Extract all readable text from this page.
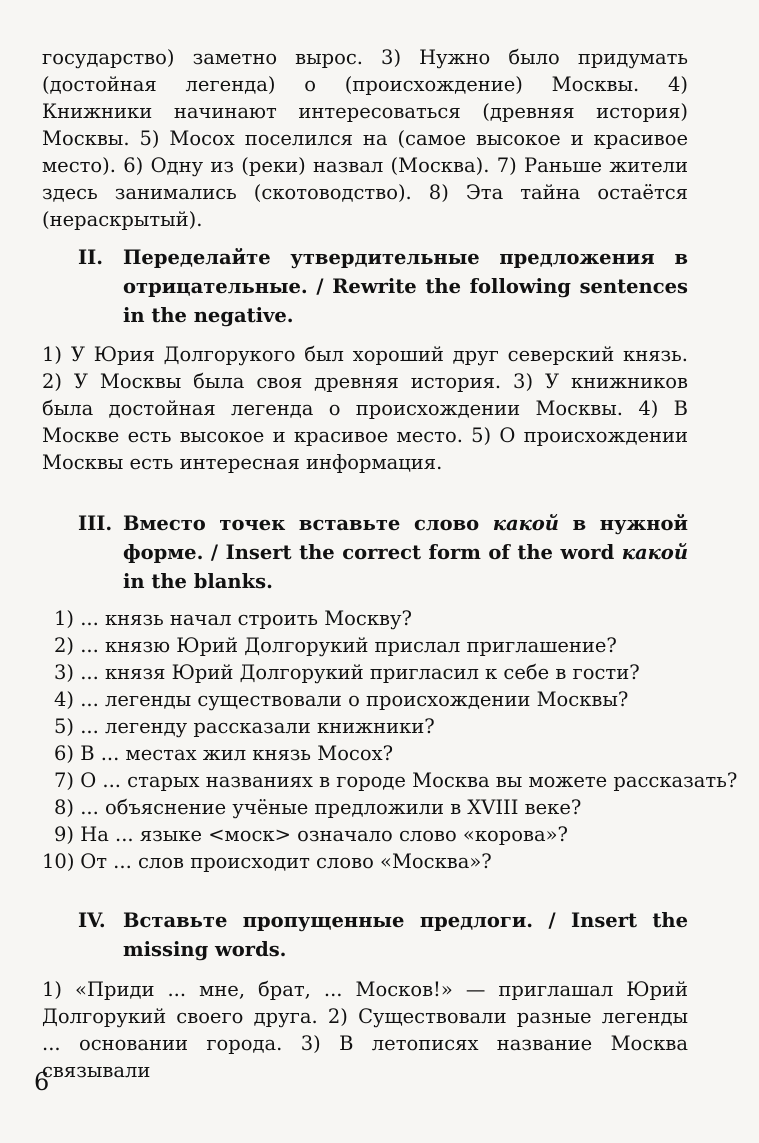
государство) заметно вырос. 3) Нужно было придумать (достойная легенда) о (происхождение) Москвы. 4) Книжники начинают интересоваться (древняя история) Москвы. 5) Мосох поселился на (самое высокое и красивое место). 6) Одну из (реки) назвал (Москва). 7) Раньше жители здесь занимались (скотоводство). 8) Эта тайна остаётся (нераскрытый).

II. Переделайте утвердительные предложения в отрицательные. / Rewrite the following sentences in the negative.

1) У Юрия Долгорукого был хороший друг северский князь. 2) У Москвы была своя древняя история. 3) У книжников была достойная легенда о происхождении Москвы. 4) В Москве есть высокое и красивое место. 5) О происхождении Москвы есть интересная информация.

III. Вместо точек вставьте слово какой в нужной форме. / Insert the correct form of the word какой in the blanks.
1) ... князь начал строить Москву?
2) ... князю Юрий Долгорукий прислал приглашение?
3) ... князя Юрий Долгорукий пригласил к себе в гости?
4) ... легенды существовали о происхождении Москвы?
5) ... легенду рассказали книжники?
6) В ... местах жил князь Мосох?
7) О ... старых названиях в городе Москва вы можете рассказать?
8) ... объяснение учёные предложили в XVIII веке?
9) На ... языке <моск> означало слово «корова»?
10) От ... слов происходит слово «Москва»?
IV. Вставьте пропущенные предлоги. / Insert the missing words.

1) «Приди ... мне, брат, ... Москов!» — приглашал Юрий Долгорукий своего друга. 2) Существовали разные легенды ... основании города. 3) В летописях название Москва связывали

6
